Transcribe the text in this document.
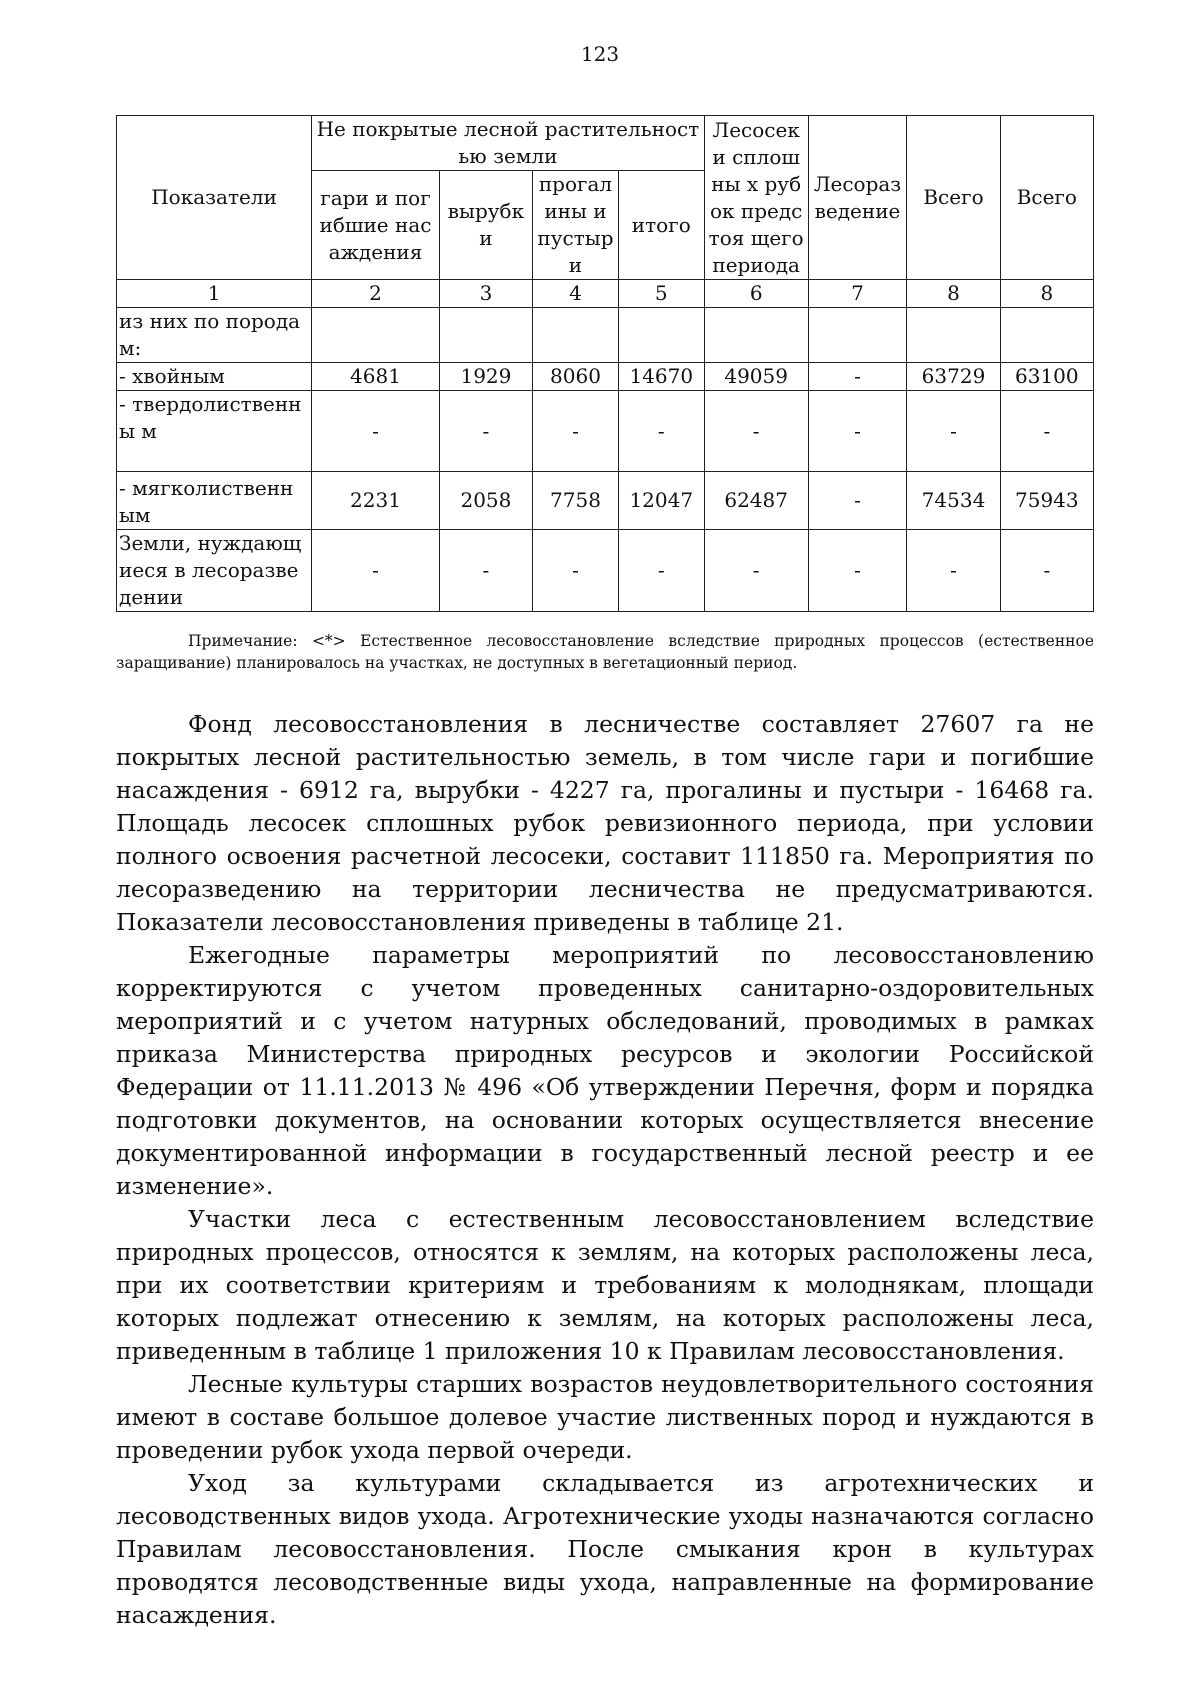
123
Показатели	Не покрытые лесной растительностью земли				Лесосеки сплошны х рубок предстоя щего периода	Лесораз ведение	Всего	Всего
	гари и погибшие насаждения	вырубк и	прогал ины и пустыр и	итого				
1	2	3	4	5	6	7	8	8
из них по породам:								
- хвойным	4681	1929	8060	14670	49059	-	63729	63100
- твердолиственны м	-	-	-	-	-	-	-	-
- мягколиственным	2231	2058	7758	12047	62487	-	74534	75943
Земли, нуждающиеся в лесоразведении	-	-	-	-	-	-	-	-
Примечание: <*> Естественное лесовосстановление вследствие природных процессов (естественное заращивание) планировалось на участках, не доступных в вегетационный период.

Фонд лесовосстановления в лесничестве составляет 27607 га не покрытых лесной растительностью земель, в том числе гари и погибшие насаждения - 6912 га, вырубки - 4227 га, прогалины и пустыри - 16468 га. Площадь лесосек сплошных рубок ревизионного периода, при условии полного освоения расчетной лесосеки, составит 111850 га. Мероприятия по лесоразведению на территории лесничества не предусматриваются. Показатели лесовосстановления приведены в таблице 21.

Ежегодные параметры мероприятий по лесовосстановлению корректируются с учетом проведенных санитарно-оздоровительных мероприятий и с учетом натурных обследований, проводимых в рамках приказа Министерства природных ресурсов и экологии Российской Федерации от 11.11.2013 № 496 «Об утверждении Перечня, форм и порядка подготовки документов, на основании которых осуществляется внесение документированной информации в государственный лесной реестр и ее изменение».

Участки леса с естественным лесовосстановлением вследствие природных процессов, относятся к землям, на которых расположены леса, при их соответствии критериям и требованиям к молоднякам, площади которых подлежат отнесению к землям, на которых расположены леса, приведенным в таблице 1 приложения 10 к Правилам лесовосстановления.

Лесные культуры старших возрастов неудовлетворительного состояния имеют в составе большое долевое участие лиственных пород и нуждаются в проведении рубок ухода первой очереди.

Уход за культурами складывается из агротехнических и лесоводственных видов ухода. Агротехнические уходы назначаются согласно Правилам лесовосстановления. После смыкания крон в культурах проводятся лесоводственные виды ухода, направленные на формирование насаждения.
